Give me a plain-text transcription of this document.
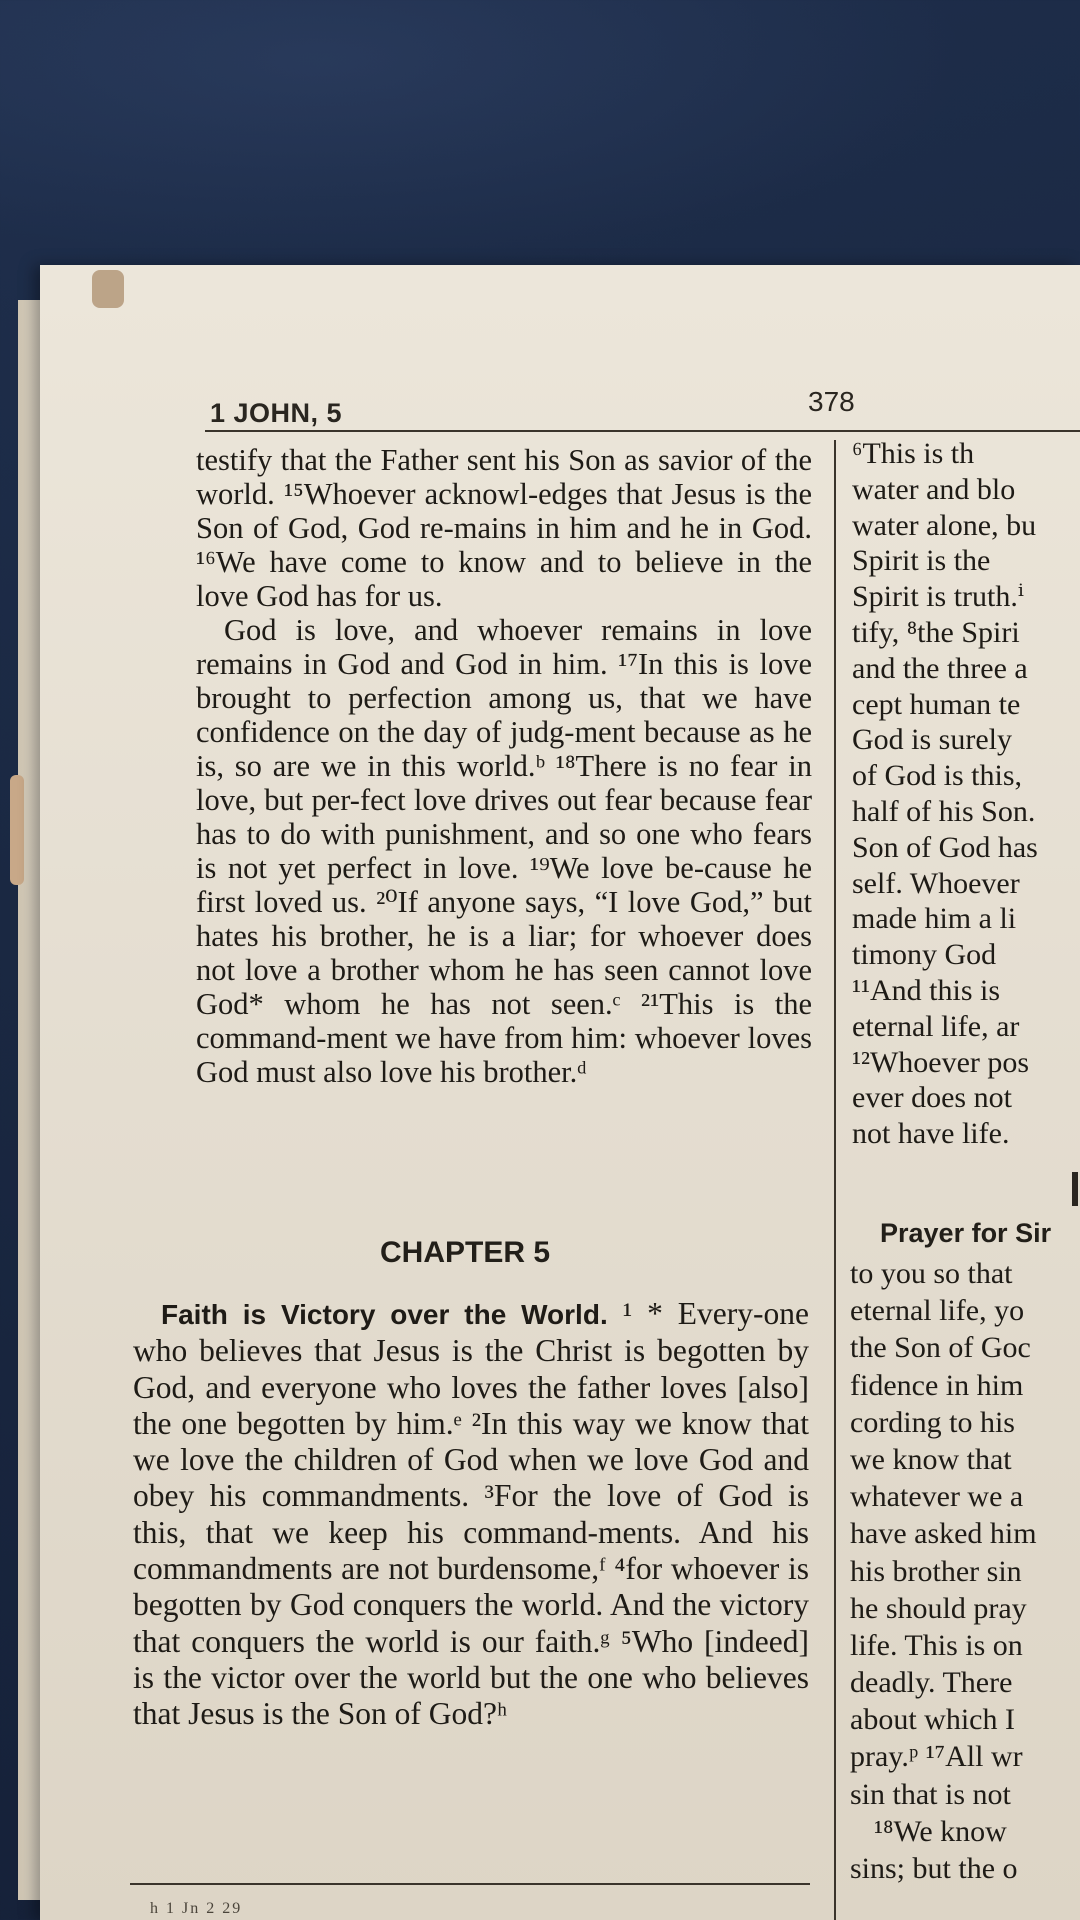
1 JOHN, 5	378

testify that the Father sent his Son as savior of the world. ¹⁵Whoever acknowl-edges that Jesus is the Son of God, God re-mains in him and he in God. ¹⁶We have come to know and to believe in the love God has for us.

God is love, and whoever remains in love remains in God and God in him. ¹⁷In this is love brought to perfection among us, that we have confidence on the day of judg-ment because as he is, so are we in this world.ᵇ ¹⁸There is no fear in love, but per-fect love drives out fear because fear has to do with punishment, and so one who fears is not yet perfect in love. ¹⁹We love be-cause he first loved us. ²⁰If anyone says, “I love God,” but hates his brother, he is a liar; for whoever does not love a brother whom he has seen cannot love God* whom he has not seen.ᶜ ²¹This is the command-ment we have from him: whoever loves God must also love his brother.ᵈ

CHAPTER 5

Faith is Victory over the World. ¹ * Every-one who believes that Jesus is the Christ is begotten by God, and everyone who loves the father loves [also] the one begotten by him.ᵉ ²In this way we know that we love the children of God when we love God and obey his commandments. ³For the love of God is this, that we keep his command-ments. And his commandments are not burdensome,ᶠ ⁴for whoever is begotten by God conquers the world. And the victory that conquers the world is our faith.ᵍ ⁵Who [indeed] is the victor over the world but the one who believes that Jesus is the Son of God?ʰ

h 1 Jn 2 29
⁶This is th
water and blo
water alone, bu
Spirit is the
Spirit is truth.ⁱ
tify, ⁸the Spiri
and the three a
cept human te
God is surely
of God is this,
half of his Son.
Son of God has
self. Whoever
made him a li
timony God
¹¹And this is
eternal life, ar
¹²Whoever pos
ever does not
not have life.
Prayer for Sir
to you so that
eternal life, yo
the Son of Goc
fidence in him
cording to his
we know that
whatever we a
have asked him
his brother sin
he should pray
life. This is on
deadly. There
about which I
pray.ᵖ ¹⁷All wr
sin that is not
¹⁸We know
sins; but the o
